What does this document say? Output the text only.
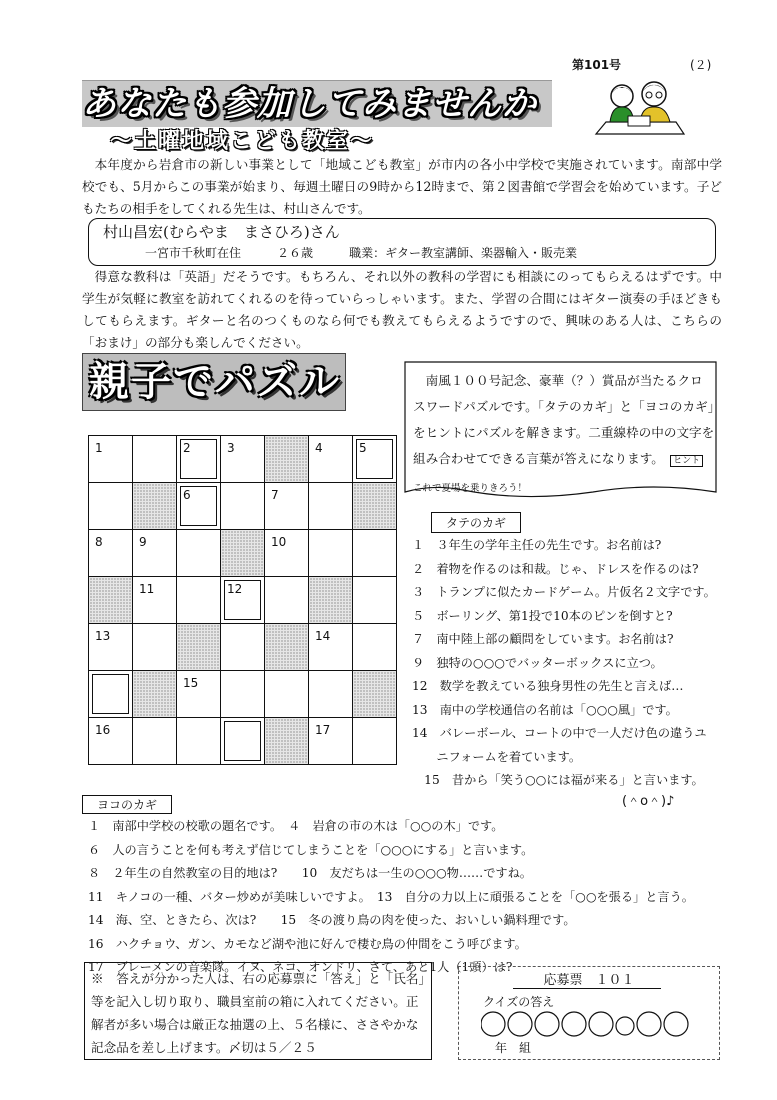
第101号	(２)
あなたも参加してみませんか
～土曜地域こども教室～

本年度から岩倉市の新しい事業として「地域こども教室」が市内の各小中学校で実施されています。南部中学校でも、5月からこの事業が始まり、毎週土曜日の9時から12時まで、第２図書館で学習会を始めています。子どもたちの相手をしてくれる先生は、村山さんです。

村山昌宏(むらやま　まさひろ)さん
一宮市千秋町在住　　　	２６歳　　　	職業：ギター教室講師、楽器輸入・販売業

得意な教科は「英語」だそうです。もちろん、それ以外の教科の学習にも相談にのってもらえるはずです。中学生が気軽に教室を訪れてくれるのを待っていらっしゃいます。また、学習の合間にはギター演奏の手ほどきもしてもらえます。ギターと名のつくものなら何でも教えてもらえるようですので、興味のある人は、こちらの「おまけ」の部分も楽しんでください。

親子でパズル	南風１００号記念、豪華（？）賞品が当たるクロスワードパズルです。「タテのカギ」と「ヨコのカギ」をヒントにパズルを解きます。二重線枠の中の文字を組み合わせてできる言葉が答えになります。　 ヒント これで夏場を乗りきろう！

1		2	3		4	5

		6		7		

8	9			10		

	11		12			

13					14	

		15				

16					17	

タテのカギ
１　３年生の学年主任の先生です。お名前は?
２　着物を作るのは和裁。じゃ、ドレスを作るのは?
３　トランプに似たカードゲーム。片仮名２文字です。
５　ボーリング、第1投で10本のピンを倒すと?
７　南中陸上部の顧問をしています。お名前は?
９　独特の○○○でバッターボックスに立つ。
12　数学を教えている独身男性の先生と言えば…
13　南中の学校通信の名前は「○○○風」です。
14　バレーボール、コートの中で一人だけ色の違うユ
　　ニフォームを着ています。
　15　昔から「笑う○○には福が来る」と言います。
(＾o＾)♪
ヨコのカギ
１　南部中学校の校歌の題名です。　４　岩倉の市の木は「○○の木」です。
６　人の言うことを何も考えず信じてしまうことを「○○○にする」と言います。
８　２年生の自然教室の目的地は?　　10　友だちは一生の○○○物……ですね。
11　キノコの一種、バター炒めが美味しいですよ。　13　自分の力以上に頑張ることを「○○を張る」と言う。
14　海、空、ときたら、次は?　　15　冬の渡り鳥の肉を使った、おいしい鍋料理です。
16　ハクチョウ、ガン、カモなど湖や池に好んで棲む鳥の仲間をこう呼びます。
17　ブレーメンの音楽隊。イヌ、ネコ、オンドリ、さて、あと1人（1頭）は?
※　答えが分かった人は、右の応募票に「答え」と「氏名」等を記入し切り取り、職員室前の箱に入れてください。正解者が多い場合は厳正な抽選の上、５名様に、ささやかな記念品を差し上げます。〆切は５／２５
応募票　１０１
クイズの答え
年　組
